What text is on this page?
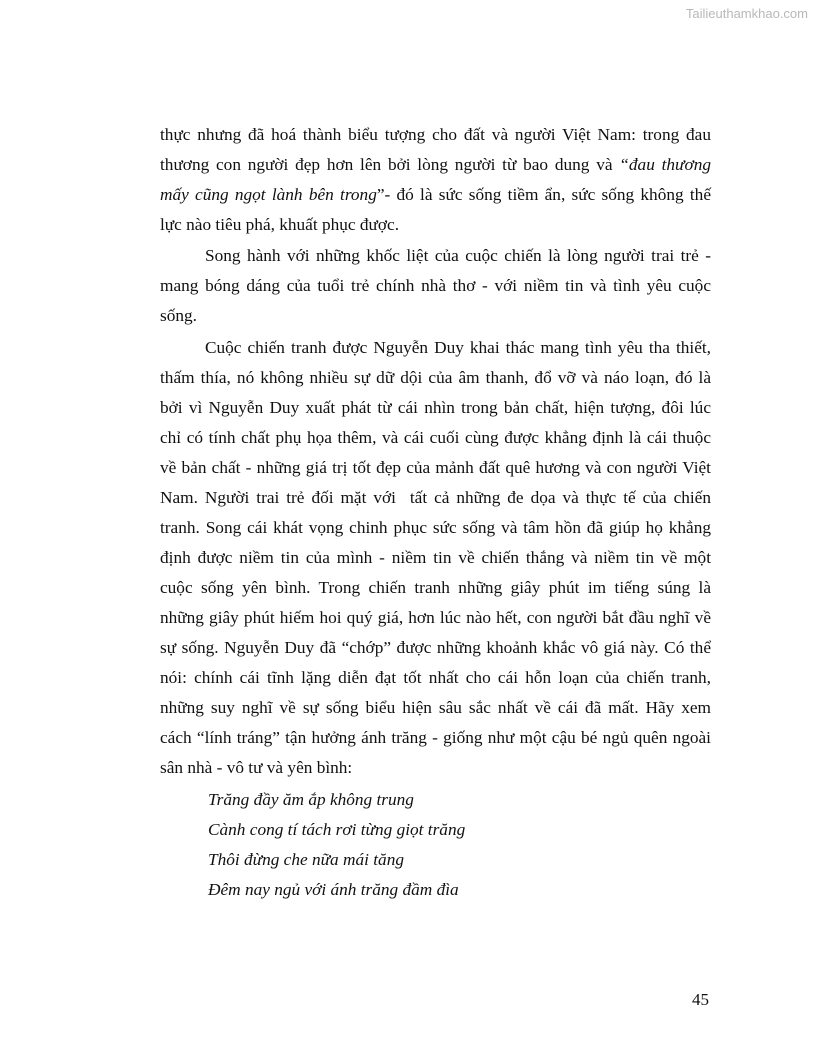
Tailieuthamkhao.com
thực nhưng đã hoá thành biểu tượng cho đất và người Việt Nam: trong đau
thương con người đẹp hơn lên bởi lòng người từ bao dung và “đau thương
mấy cũng ngọt lành bên trong”- đó là sức sống tiềm ẩn, sức sống không thế
lực nào tiêu phá, khuất phục được.
Song hành với những khốc liệt của cuộc chiến là lòng người trai trẻ -
mang bóng dáng của tuổi trẻ chính nhà thơ - với niềm tin và tình yêu cuộc
sống.
Cuộc chiến tranh được Nguyễn Duy khai thác mang tình yêu tha thiết,
thấm thía, nó không nhiều sự dữ dội của âm thanh, đổ vỡ và náo loạn, đó là
bởi vì Nguyễn Duy xuất phát từ cái nhìn trong bản chất, hiện tượng, đôi lúc
chỉ có tính chất phụ họa thêm, và cái cuối cùng được khẳng định là cái thuộc
về bản chất - những giá trị tốt đẹp của mảnh đất quê hương và con người Việt
Nam. Người trai trẻ đối mặt với  tất cả những đe dọa và thực tế của chiến
tranh. Song cái khát vọng chinh phục sức sống và tâm hồn đã giúp họ khẳng
định được niềm tin của mình - niềm tin về chiến thắng và niềm tin về một
cuộc sống yên bình. Trong chiến tranh những giây phút im tiếng súng là
những giây phút hiếm hoi quý giá, hơn lúc nào hết, con người bắt đầu nghĩ về
sự sống. Nguyễn Duy đã “chớp” được những khoảnh khắc vô giá này. Có thể
nói: chính cái tĩnh lặng diễn đạt tốt nhất cho cái hỗn loạn của chiến tranh,
những suy nghĩ về sự sống biểu hiện sâu sắc nhất về cái đã mất. Hãy xem
cách “lính tráng” tận hưởng ánh trăng - giống như một cậu bé ngủ quên ngoài
sân nhà - vô tư và yên bình:
Trăng đầy ăm ắp không trung
Cành cong tí tách rơi từng giọt trăng
Thôi đừng che nữa mái tăng
Đêm nay ngủ với ánh trăng đầm đìa
45
